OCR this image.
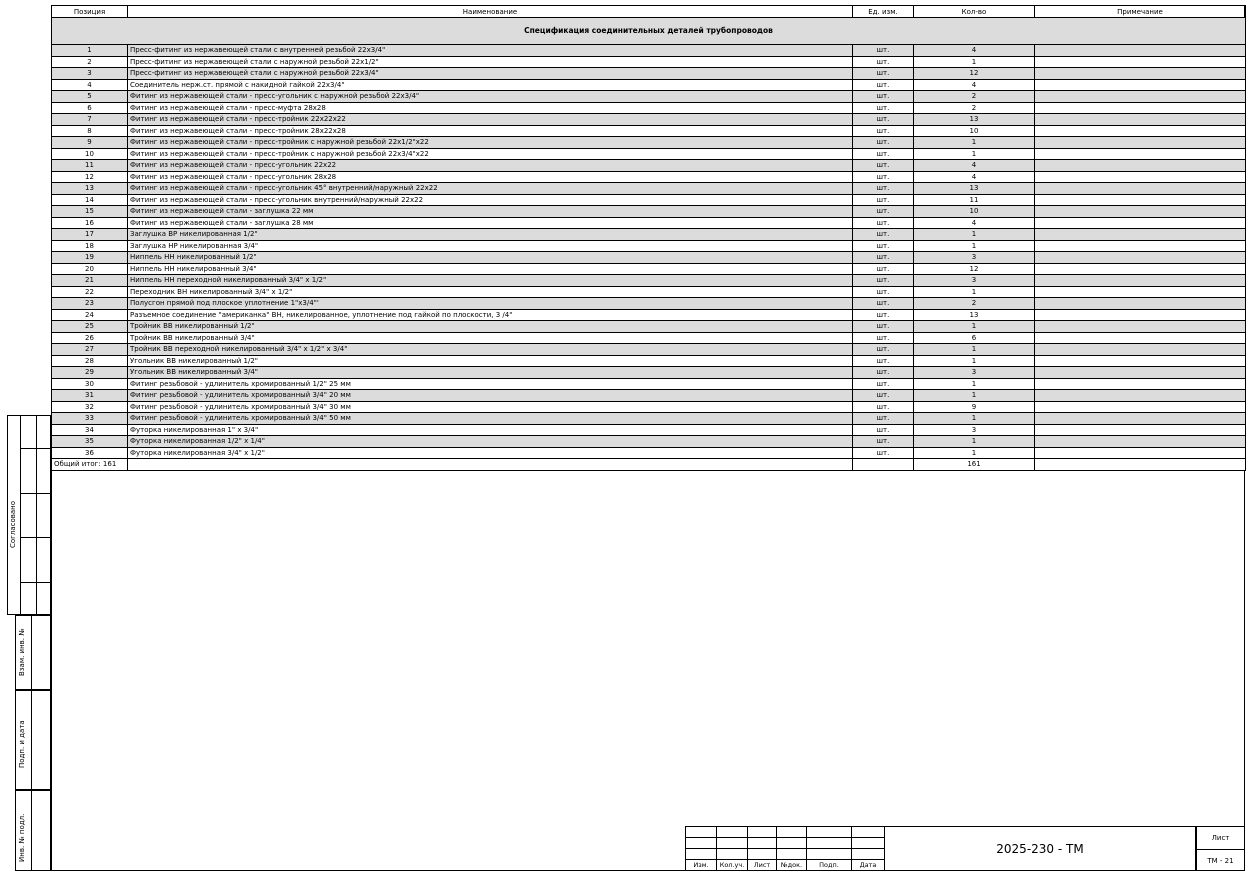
Спецификация соединительных деталей трубопроводов				
Позиция	Наименование	Ед. изм.	Кол-во	Примечание
1	Пресс-фитинг из нержавеющей стали с внутренней резьбой 22х3/4"	шт.	4	
2	Пресс-фитинг из нержавеющей стали с наружной резьбой 22х1/2"	шт.	1	
3	Пресс-фитинг из нержавеющей стали с наружной резьбой 22х3/4"	шт.	12	
4	Соединитель нерж.ст. прямой с накидной гайкой 22х3/4"	шт.	4	
5	Фитинг из нержавеющей стали - пресс-угольник с наружной резьбой 22х3/4"	шт.	2	
6	Фитинг из нержавеющей стали - пресс-муфта 28х28	шт.	2	
7	Фитинг из нержавеющей стали - пресс-тройник 22х22х22	шт.	13	
8	Фитинг из нержавеющей стали - пресс-тройник 28х22х28	шт.	10	
9	Фитинг из нержавеющей стали - пресс-тройник с наружной резьбой 22х1/2"х22	шт.	1	
10	Фитинг из нержавеющей стали - пресс-тройник с наружной резьбой 22х3/4"х22	шт.	1	
11	Фитинг из нержавеющей стали - пресс-угольник 22х22	шт.	4	
12	Фитинг из нержавеющей стали - пресс-угольник 28х28	шт.	4	
13	Фитинг из нержавеющей стали - пресс-угольник 45° внутренний/наружный 22х22	шт.	13	
14	Фитинг из нержавеющей стали - пресс-угольник внутренний/наружный 22х22	шт.	11	
15	Фитинг из нержавеющей стали - заглушка 22 мм	шт.	10	
16	Фитинг из нержавеющей стали - заглушка 28 мм	шт.	4	
17	Заглушка ВР никелированная 1/2"	шт.	1	
18	Заглушка НР никелированная 3/4"	шт.	1	
19	Ниппель НН никелированный 1/2"	шт.	3	
20	Ниппель НН никелированный 3/4"	шт.	12	
21	Ниппель НН переходной никелированный 3/4" х 1/2"	шт.	3	
22	Переходник ВН никелированный 3/4" х 1/2"	шт.	1	
23	Полусгон прямой под плоское уплотнение 1"х3/4"'	шт.	2	
24	Разъемное соединение "американка" ВН, никелированное, уплотнение под гайкой по плоскости, 3 /4"	шт.	13	
25	Тройник ВВ никелированный 1/2"	шт.	1	
26	Тройник ВВ никелированный 3/4"	шт.	6	
27	Тройник ВВ переходной никелированный 3/4" х 1/2" х 3/4"	шт.	1	
28	Угольник ВВ никелированный 1/2"	шт.	1	
29	Угольник ВВ никелированный 3/4"	шт.	3	
30	Фитинг резьбовой - удлинитель хромированный 1/2" 25 мм	шт.	1	
31	Фитинг резьбовой - удлинитель хромированный 3/4" 20 мм	шт.	1	
32	Фитинг резьбовой - удлинитель хромированный 3/4" 30 мм	шт.	9	
33	Фитинг резьбовой - удлинитель хромированный 3/4" 50 мм	шт.	1	
34	Футорка никелированная 1" х 3/4"	шт.	3	
35	Футорка никелированная 1/2" х 1/4"	шт.	1	
36	Футорка никелированная 3/4" х 1/2"	шт.	1	
Общий итог: 161			161	
Согласовано
Взам. инв. №
Подп. и дата
Инв. № подл.

Изм.	Кол.уч.	Лист	№док.	Подп.	Дата
2025-230 - ТМ
Лист
ТМ - 21
